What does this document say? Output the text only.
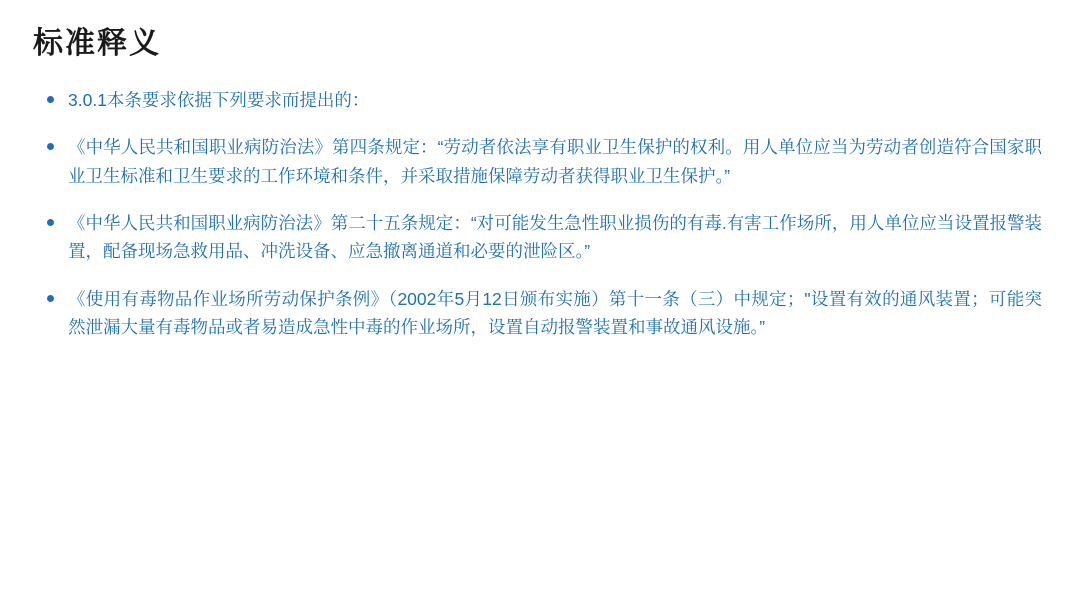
标准释义
3.0.1本条要求依据下列要求而提出的：
《中华人民共和国职业病防治法》第四条规定：“劳动者依法享有职业卫生保护的权利。用人单位应当为劳动者创造符合国家职业卫生标准和卫生要求的工作环境和条件，并采取措施保障劳动者获得职业卫生保护。”
《中华人民共和国职业病防治法》第二十五条规定：“对可能发生急性职业损伤的有毒.有害工作场所，用人单位应当设置报警装置，配备现场急救用品、冲洗设备、应急撤离通道和必要的泄险区。”
《使用有毒物品作业场所劳动保护条例》（2002年5月12日颁布实施）第十一条（三）中规定；"设置有效的通风装置；可能突然泄漏大量有毒物品或者易造成急性中毒的作业场所，设置自动报警装置和事故通风设施。”
